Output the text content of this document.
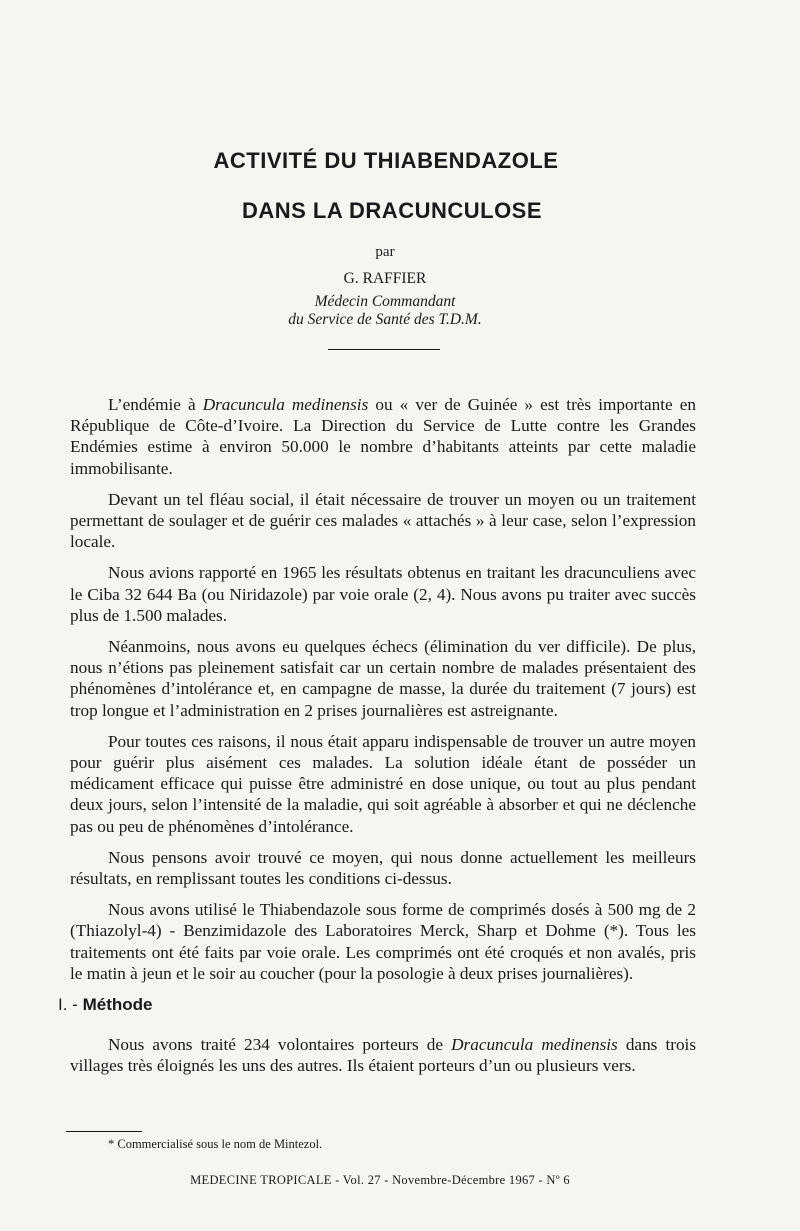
ACTIVITÉ DU THIABENDAZOLE
DANS LA DRACUNCULOSE
par
G. RAFFIER
Médecin Commandant
du Service de Santé des T.D.M.

L’endémie à Dracuncula medinensis ou « ver de Guinée » est très importante en République de Côte-d’Ivoire. La Direction du Service de Lutte contre les Grandes Endémies estime à environ 50.000 le nombre d’habitants atteints par cette maladie immobilisante.

Devant un tel fléau social, il était nécessaire de trouver un moyen ou un traitement permettant de soulager et de guérir ces malades « attachés » à leur case, selon l’expression locale.

Nous avions rapporté en 1965 les résultats obtenus en traitant les dracunculiens avec le Ciba 32 644 Ba (ou Niridazole) par voie orale (2, 4). Nous avons pu traiter avec succès plus de 1.500 malades.

Néanmoins, nous avons eu quelques échecs (élimination du ver difficile). De plus, nous n’étions pas pleinement satisfait car un certain nombre de malades présentaient des phénomènes d’intolérance et, en campagne de masse, la durée du traitement (7 jours) est trop longue et l’administration en 2 prises journalières est astreignante.

Pour toutes ces raisons, il nous était apparu indispensable de trouver un autre moyen pour guérir plus aisément ces malades. La solution idéale étant de posséder un médicament efficace qui puisse être administré en dose unique, ou tout au plus pendant deux jours, selon l’intensité de la maladie, qui soit agréable à absorber et qui ne déclenche pas ou peu de phénomènes d’intolérance.

Nous pensons avoir trouvé ce moyen, qui nous donne actuellement les meilleurs résultats, en remplissant toutes les conditions ci-dessus.

Nous avons utilisé le Thiabendazole sous forme de comprimés dosés à 500 mg de 2 (Thiazolyl-4) - Benzimidazole des Laboratoires Merck, Sharp et Dohme (*). Tous les traitements ont été faits par voie orale. Les comprimés ont été croqués et non avalés, pris le matin à jeun et le soir au coucher (pour la posologie à deux prises journalières).

I. - Méthode

Nous avons traité 234 volontaires porteurs de Dracuncula medinensis dans trois villages très éloignés les uns des autres. Ils étaient porteurs d’un ou plusieurs vers.

* Commercialisé sous le nom de Mintezol.
MEDECINE TROPICALE - Vol. 27 - Novembre-Décembre 1967 - Nº 6
